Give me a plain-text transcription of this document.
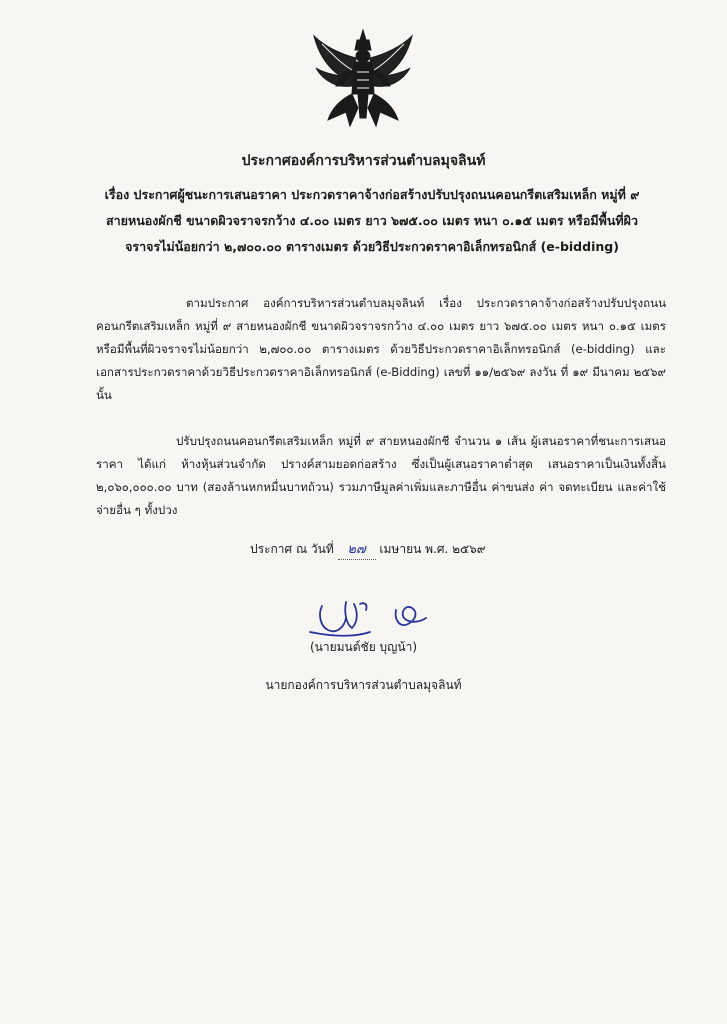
ประกาศองค์การบริหารส่วนตำบลมุจลินท์
เรื่อง ประกาศผู้ชนะการเสนอราคา ประกวดราคาจ้างก่อสร้างปรับปรุงถนนคอนกรีตเสริมเหล็ก หมู่ที่ ๙
สายหนองผักชี ขนาดผิวจราจรกว้าง ๔.๐๐ เมตร ยาว ๖๗๕.๐๐ เมตร หนา ๐.๑๕ เมตร หรือมีพื้นที่ผิว
จราจรไม่น้อยกว่า ๒,๗๐๐.๐๐ ตารางเมตร ด้วยวิธีประกวดราคาอิเล็กทรอนิกส์ (e-bidding)
ตามประกาศ องค์การบริหารส่วนตำบลมุจลินท์ เรื่อง ประกวดราคาจ้างก่อสร้างปรับปรุงถนน คอนกรีตเสริมเหล็ก หมู่ที่ ๙ สายหนองผักชี ขนาดผิวจราจรกว้าง ๔.๐๐ เมตร ยาว ๖๗๕.๐๐ เมตร หนา ๐.๑๕ เมตร หรือมีพื้นที่ผิวจราจรไม่น้อยกว่า ๒,๗๐๐.๐๐ ตารางเมตร ด้วยวิธีประกวดราคาอิเล็กทรอนิกส์ (e-bidding) และเอกสารประกวดราคาด้วยวิธีประกวดราคาอิเล็กทรอนิกส์ (e-Bidding) เลขที่ ๑๑/๒๕๖๙ ลงวัน ที่ ๑๙ มีนาคม ๒๕๖๙ นั้น
ปรับปรุงถนนคอนกรีตเสริมเหล็ก หมู่ที่ ๙ สายหนองผักชี จำนวน ๑ เส้น ผู้เสนอราคาที่ชนะการเสนอราคา ได้แก่ ห้างหุ้นส่วนจำกัด ปรางค์สามยอดก่อสร้าง ซึ่งเป็นผู้เสนอราคาต่ำสุด เสนอราคาเป็นเงินทั้งสิ้น ๒,๐๖๐,๐๐๐.๐๐ บาท (สองล้านหกหมื่นบาทถ้วน) รวมภาษีมูลค่าเพิ่มและภาษีอื่น ค่าขนส่ง ค่า จดทะเบียน และค่าใช้จ่ายอื่น ๆ ทั้งปวง
ประกาศ ณ วันที่ ๒๗ เมษายน พ.ศ. ๒๕๖๙
(นายมนต์ชัย บุญน้า)
นายกองค์การบริหารส่วนตำบลมุจลินท์
